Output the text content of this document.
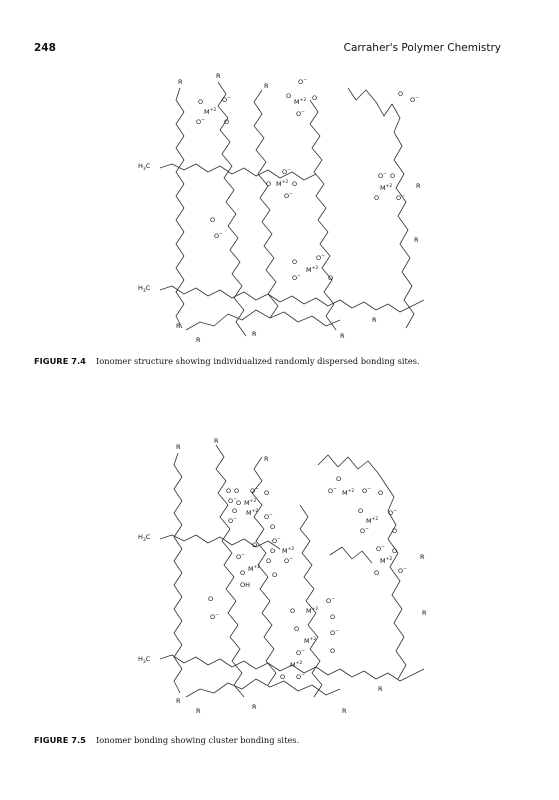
248	Carraher's Polymer Chemistry
R
R
R
R
R
R
R
R
R	R
$H_3C$
$H_3C$
O	O−
$M^{+2}$
O−	O
O−
O
$M^{+2}$ O
O−
O
O−
O−
O $M^{+2}$ O
O−
O− O
$M^{+2}$
O	O−
O
O−
O	O−
$M^{+2}$
O−	O
FIGURE 7.4 Ionomer structure showing individualized randomly dispersed bonding sites.
R
R
R
R
R
R
R
R	R	R
$H_3C$
$H_3C$
O O O− O
O− O $M^{+2}$
O $M^{+2}$
O−	O−
O
O−
O
O $M^{+2}$
O−
O O−
$M^{+2}$
O	O
OH
O
O− $M^{+2}$ O− O
O	O−
$M^{+2}$
O−	O
O− O
$M^{+2}$
O	O−
O
O−
O $M^{+2}$
O−
O
O	O−
$M^{+2}$
O−	O
$M^{+2}$
O O−
FIGURE 7.5 Ionomer bonding showing cluster bonding sites.
